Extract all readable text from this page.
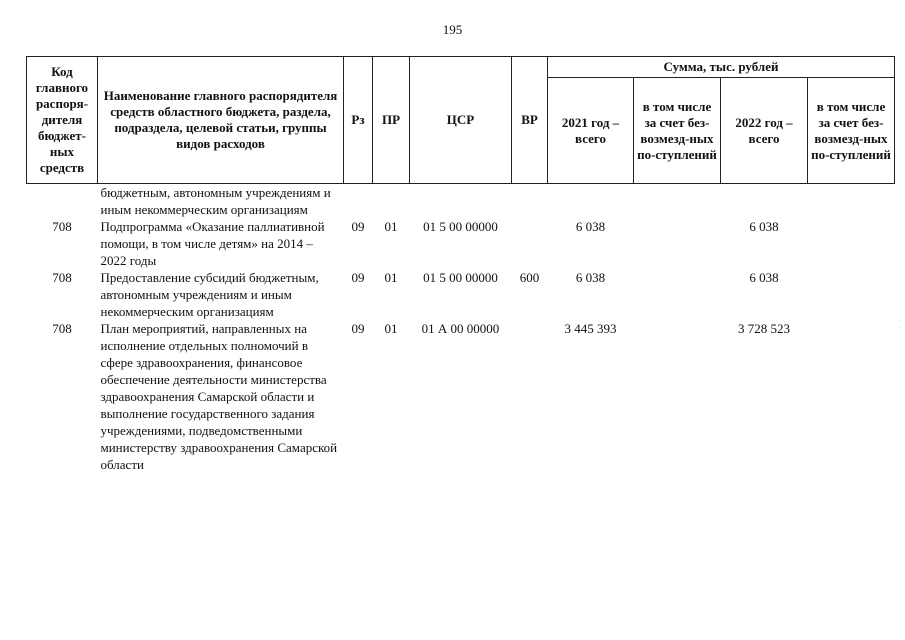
195
Код главного распоря-дителя бюджет-ных средств	Наименование главного распорядителя средств областного бюджета, раздела, подраздела, целевой статьи, группы видов расходов	Рз	ПР	ЦСР	ВР	Сумма, тыс. рублей			

						2021 год – всего	в том числе за счет без-возмезд-ных по-ступлений	2022 год – всего	в том числе за счет без-возмезд-ных по-ступлений

	бюджетным, автономным учреждениям и иным некоммерческим организациям								
708	Подпрограмма «Оказание паллиативной помощи, в том числе детям» на 2014 – 2022 годы	09	01	01 5 00 00000		6 038		6 038	
708	Предоставление субсидий бюджетным, автономным учреждениям и иным некоммерческим организациям	09	01	01 5 00 00000	600	6 038		6 038	
708	План мероприятий, направленных на исполнение отдельных полномочий в сфере здравоохранения, финансовое обеспечение деятельности министерства здравоохранения Самарской области и выполнение государственного задания учреждениями, подведомственными министерству здравоохранения Самарской области	09	01	01 А 00 00000		3 445 393		3 728 523		·
·
